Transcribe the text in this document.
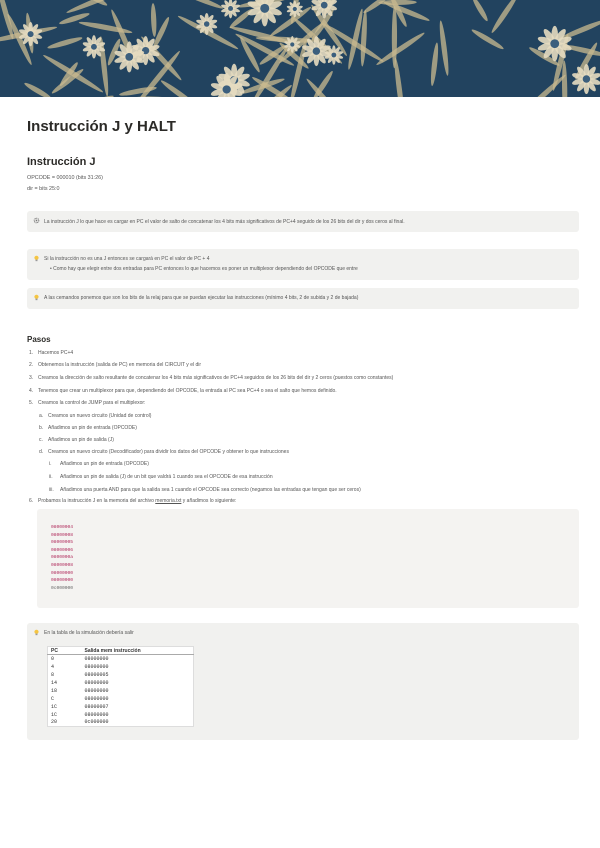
Instrucción J y HALT
Instrucción J
OPCODE = 000010 (bits 31:26)
dir = bits 25:0
La instrucción J lo que hace es cargar en PC el valor de salto de concatenar los 4 bits más significativos de PC+4 seguido de los 26 bits del dir y dos ceros al final.
Si la instrucción no es una J entonces se cargará en PC el valor de PC + 4
• Como hay que elegir entre dos entradas para PC entonces lo que hacemos es poner un multiplexor dependiendo del OPCODE que entre
A las cemandos ponemos que son los bits de la relaj para que se puedan ejecutar las instrucciones (mínimo 4 bits, 2 de subida y 2 de bajada)
Pasos
1. Hacemos PC+4
2. Obtenemos la instrucción (salida de PC) en memoria del CIRCUIT y el dir
3. Creamos la dirección de salto resultante de concatenar los 4 bits más significativos de PC+4 seguidos de los 26 bits del dir y 2 ceros (puestos como constantes)
4. Tenemos que crear un multiplexor para que, dependiendo del OPCODE, la entrada al PC sea PC+4 o sea el salto que hemos definido.
5. Creamos la control de JUMP para el multiplexor:
a. Creamos un nuevo circuito (Unidad de control)
b. Añadimos un pin de entrada (OPCODE)
c. Añadimos un pin de salida (J)
d. Creamos un nuevo circuito (Decodificador) para dividir los datos del OPCODE y obtener lo que instrucciones
i. Añadimos un pin de entrada (OPCODE)
ii. Añadimos un pin de salida (J) de un bit que valdrá 1 cuando sea el OPCODE de esa instrucción
iii. Añadimos una puerta AND para que la salida sea 1 cuando el OPCODE sea correcto (negamos las entradas que tengan que ser ceros)
6. Probamos la instrucción J en la memoria del archivo memoria.txt y añadimos lo siguiente:
08000004
08000008
08000005
08000006
0800000a
08000008
08000000
08000000
0c000000
En la tabla de la simulación debería salir
PC	Salida mem instrucción
0	08000000
4	08000000
8	08000005
14	08000000
18	08000000
C	08000000
1C	08000007
1C	08000000
20	0c000000
